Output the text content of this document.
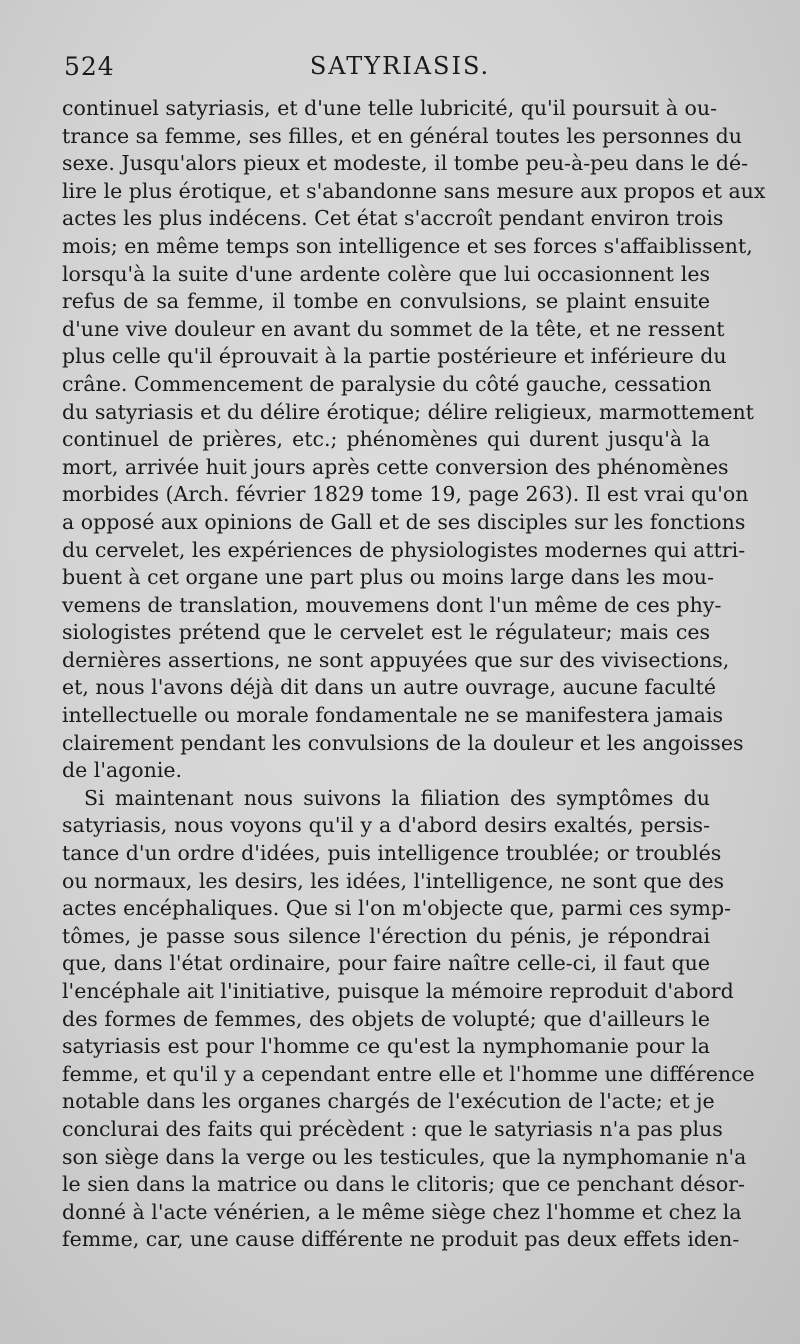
524	SATYRIASIS.
continuel satyriasis, et d'une telle lubricité, qu'il poursuit à ou-
trance sa femme, ses filles, et en général toutes les personnes du
sexe. Jusqu'alors pieux et modeste, il tombe peu-à-peu dans le dé-
lire le plus érotique, et s'abandonne sans mesure aux propos et aux
actes les plus indécens. Cet état s'accroît pendant environ trois
mois; en même temps son intelligence et ses forces s'affaiblissent,
lorsqu'à la suite d'une ardente colère que lui occasionnent les
refus de sa femme, il tombe en convulsions, se plaint ensuite
d'une vive douleur en avant du sommet de la tête, et ne ressent
plus celle qu'il éprouvait à la partie postérieure et inférieure du
crâne. Commencement de paralysie du côté gauche, cessation
du satyriasis et du délire érotique; délire religieux, marmottement
continuel de prières, etc.; phénomènes qui durent jusqu'à la
mort, arrivée huit jours après cette conversion des phénomènes
morbides (Arch. février 1829 tome 19, page 263). Il est vrai qu'on
a opposé aux opinions de Gall et de ses disciples sur les fonctions
du cervelet, les expériences de physiologistes modernes qui attri-
buent à cet organe une part plus ou moins large dans les mou-
vemens de translation, mouvemens dont l'un même de ces phy-
siologistes prétend que le cervelet est le régulateur; mais ces
dernières assertions, ne sont appuyées que sur des vivisections,
et, nous l'avons déjà dit dans un autre ouvrage, aucune faculté
intellectuelle ou morale fondamentale ne se manifestera jamais
clairement pendant les convulsions de la douleur et les angoisses
de l'agonie.
Si maintenant nous suivons la filiation des symptômes du
satyriasis, nous voyons qu'il y a d'abord desirs exaltés, persis-
tance d'un ordre d'idées, puis intelligence troublée; or troublés
ou normaux, les desirs, les idées, l'intelligence, ne sont que des
actes encéphaliques. Que si l'on m'objecte que, parmi ces symp-
tômes, je passe sous silence l'érection du pénis, je répondrai
que, dans l'état ordinaire, pour faire naître celle-ci, il faut que
l'encéphale ait l'initiative, puisque la mémoire reproduit d'abord
des formes de femmes, des objets de volupté; que d'ailleurs le
satyriasis est pour l'homme ce qu'est la nymphomanie pour la
femme, et qu'il y a cependant entre elle et l'homme une différence
notable dans les organes chargés de l'exécution de l'acte; et je
conclurai des faits qui précèdent : que le satyriasis n'a pas plus
son siège dans la verge ou les testicules, que la nymphomanie n'a
le sien dans la matrice ou dans le clitoris; que ce penchant désor-
donné à l'acte vénérien, a le même siège chez l'homme et chez la
femme, car, une cause différente ne produit pas deux effets iden-
